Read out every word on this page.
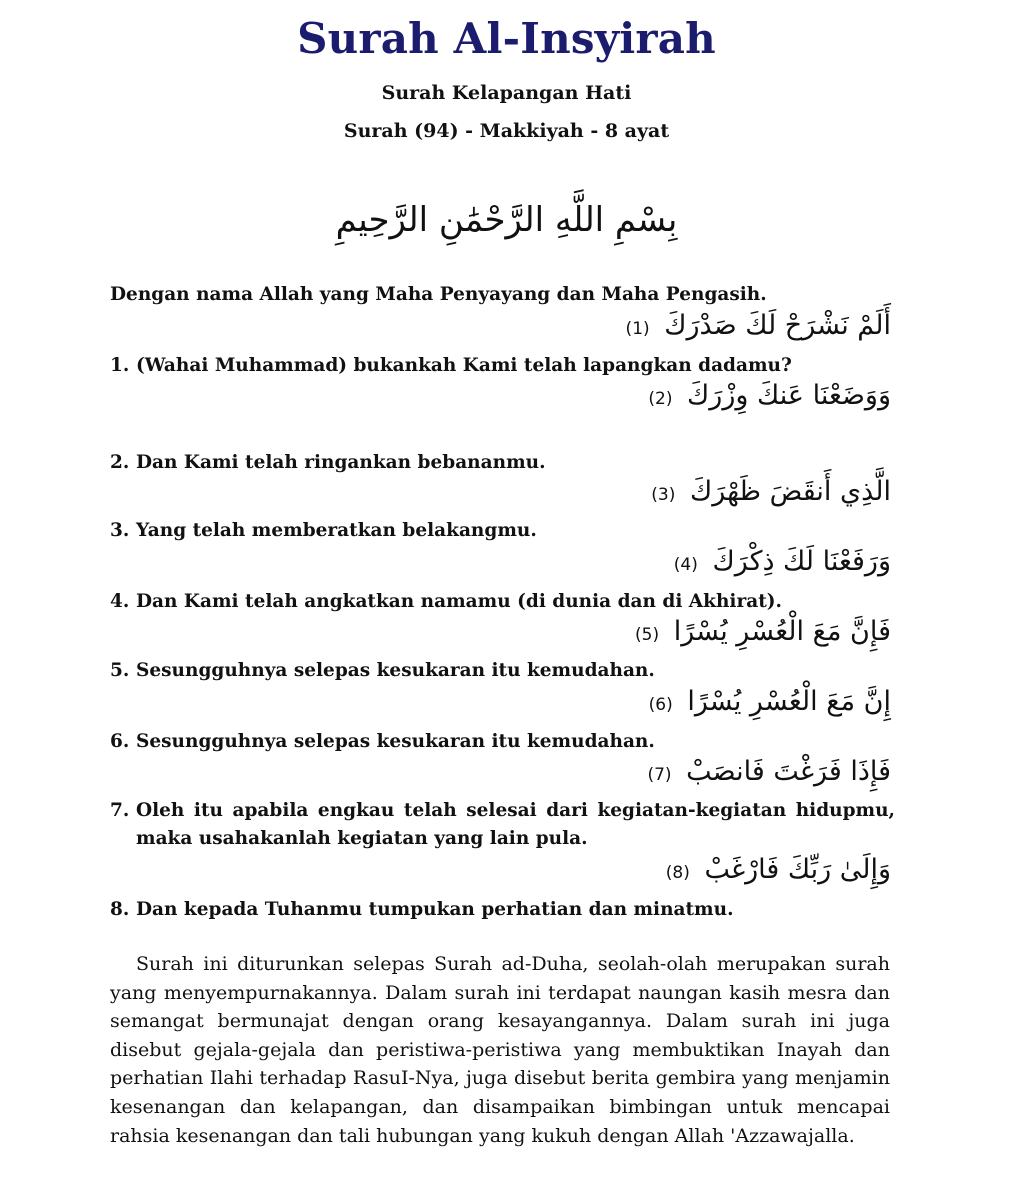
Surah Al-Insyirah
Surah Kelapangan Hati
Surah (94) - Makkiyah - 8 ayat
بِسْمِ اللَّهِ الرَّحْمَٰنِ الرَّحِيمِ
Dengan nama Allah yang Maha Penyayang dan Maha Pengasih.
أَلَمْ نَشْرَحْ لَكَ صَدْرَكَ (1)
1. (Wahai Muhammad) bukankah Kami telah lapangkan dadamu?
وَوَضَعْنَا عَنكَ وِزْرَكَ (2)
2. Dan Kami telah ringankan bebananmu.
الَّذِي أَنقَضَ ظَهْرَكَ (3)
3. Yang telah memberatkan belakangmu.
وَرَفَعْنَا لَكَ ذِكْرَكَ (4)
4. Dan Kami telah angkatkan namamu (di dunia dan di Akhirat).
فَإِنَّ مَعَ الْعُسْرِ يُسْرًا (5)
5. Sesungguhnya selepas kesukaran itu kemudahan.
إِنَّ مَعَ الْعُسْرِ يُسْرًا (6)
6. Sesungguhnya selepas kesukaran itu kemudahan.
فَإِذَا فَرَغْتَ فَانصَبْ (7)
7. Oleh itu apabila engkau telah selesai dari kegiatan-kegiatan hidupmu, maka usahakanlah kegiatan yang lain pula.
وَإِلَىٰ رَبِّكَ فَارْغَبْ (8)
8. Dan kepada Tuhanmu tumpukan perhatian dan minatmu.
Surah ini diturunkan selepas Surah ad-Duha, seolah-olah merupakan surah yang menyempurnakannya. Dalam surah ini terdapat naungan kasih mesra dan semangat bermunajat dengan orang kesayangannya. Dalam surah ini juga disebut gejala-gejala dan peristiwa-peristiwa yang membuktikan Inayah dan perhatian Ilahi terhadap RasuI-Nya, juga disebut berita gembira yang menjamin kesenangan dan kelapangan, dan disampaikan bimbingan untuk mencapai rahsia kesenangan dan tali hubungan yang kukuh dengan Allah 'Azzawajalla.
